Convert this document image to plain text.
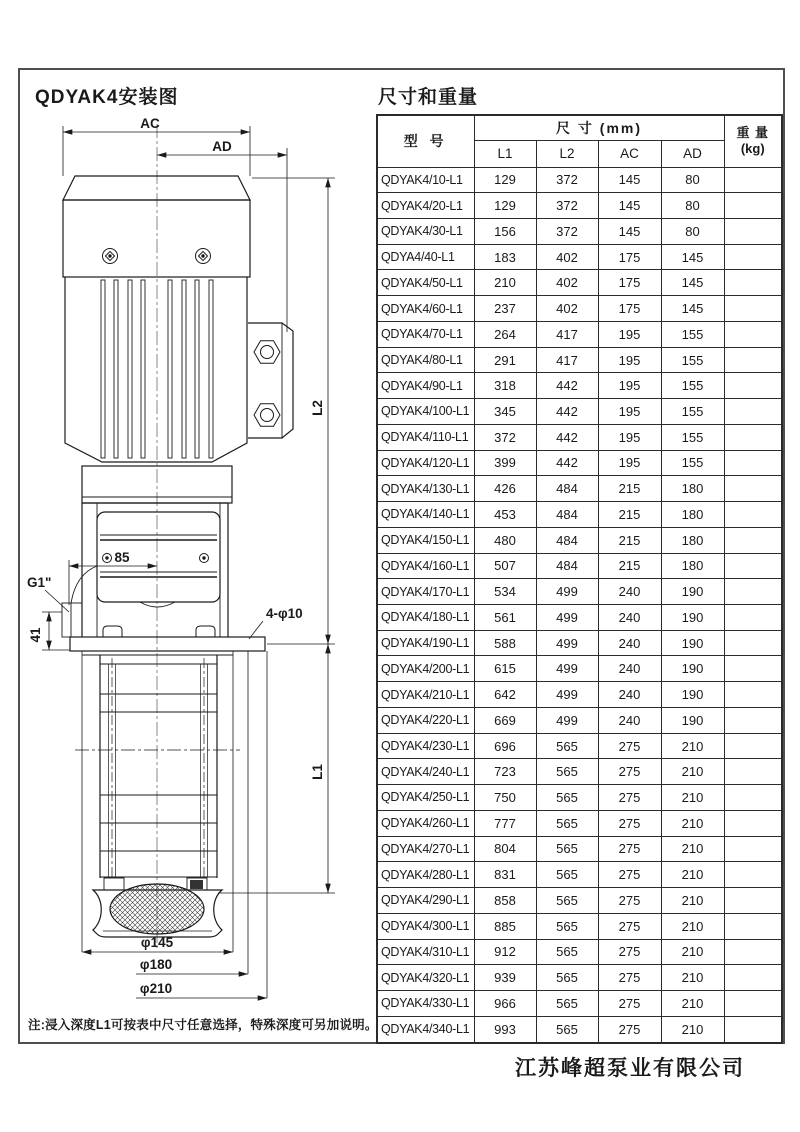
AC
AD
L2
L1
85
41
G1"
4-φ10
φ145
φ180
φ210
QDYAK4安装图	尺寸和重量
型 号	尺 寸 (mm)				重 量
(kg)

	L1	L2	AC	AD	
QDYAK4/10-L1	129	372	145	80	
QDYAK4/20-L1	129	372	145	80	
QDYAK4/30-L1	156	372	145	80	
QDYA4/40-L1	183	402	175	145	
QDYAK4/50-L1	210	402	175	145	
QDYAK4/60-L1	237	402	175	145	
QDYAK4/70-L1	264	417	195	155	
QDYAK4/80-L1	291	417	195	155	
QDYAK4/90-L1	318	442	195	155	
QDYAK4/100-L1	345	442	195	155	
QDYAK4/110-L1	372	442	195	155	
QDYAK4/120-L1	399	442	195	155	
QDYAK4/130-L1	426	484	215	180	
QDYAK4/140-L1	453	484	215	180	
QDYAK4/150-L1	480	484	215	180	
QDYAK4/160-L1	507	484	215	180	
QDYAK4/170-L1	534	499	240	190	
QDYAK4/180-L1	561	499	240	190	
QDYAK4/190-L1	588	499	240	190	
QDYAK4/200-L1	615	499	240	190	
QDYAK4/210-L1	642	499	240	190	
QDYAK4/220-L1	669	499	240	190	
QDYAK4/230-L1	696	565	275	210	
QDYAK4/240-L1	723	565	275	210	
QDYAK4/250-L1	750	565	275	210	
QDYAK4/260-L1	777	565	275	210	
QDYAK4/270-L1	804	565	275	210	
QDYAK4/280-L1	831	565	275	210	
QDYAK4/290-L1	858	565	275	210	
QDYAK4/300-L1	885	565	275	210	
QDYAK4/310-L1	912	565	275	210	
QDYAK4/320-L1	939	565	275	210	
QDYAK4/330-L1	966	565	275	210	
QDYAK4/340-L1	993	565	275	210	
注:浸入深度L1可按表中尺寸任意选择，特殊深度可另加说明。
江苏峰超泵业有限公司
